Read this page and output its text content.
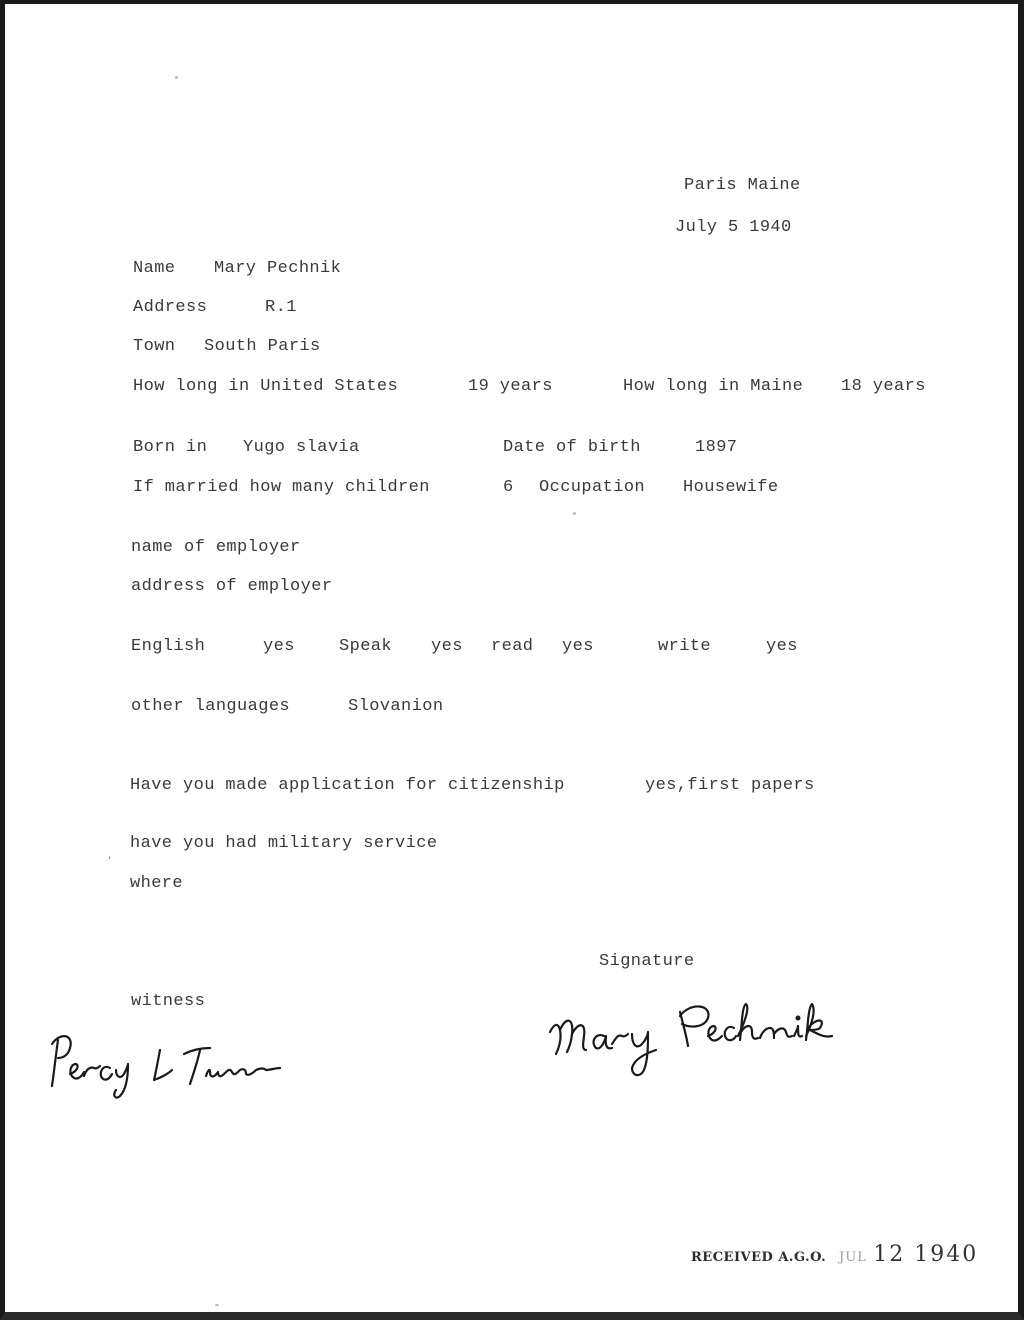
Paris Maine
July 5 1940
Name Mary Pechnik
Address	R.1
Town South Paris
How long in United States	19 years	How long in Maine 18 years
Born in Yugo slavia	Date of birth	1897
If married how many children	6 Occupation Housewife
name of employer
address of employer
English	yes	Speak yes read yes	write	yes
other languages	Slovanion
Have you made application for citizenship	yes,first papers
have you had military service
where
,
Signature
witness
RECEIVED A.G.O. JUL 12 1940
